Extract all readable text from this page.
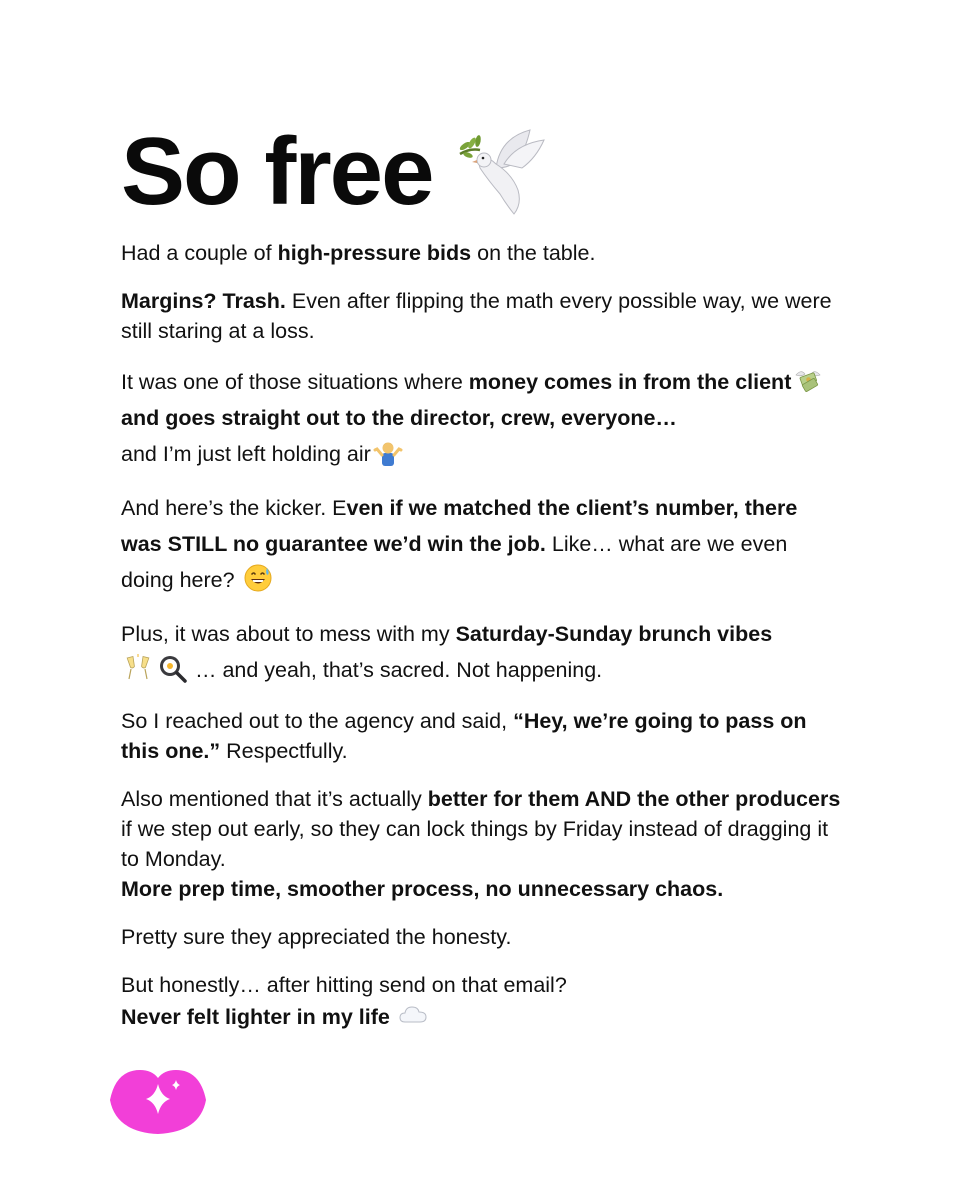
So free

Had a couple of high-pressure bids on the table.

Margins? Trash. Even after flipping the math every possible way, we were still staring at a loss.

It was one of those situations where money comes in from the client and goes straight out to the director, crew, everyone…
and I’m just left holding air

And here’s the kicker. Even if we matched the client’s number, there was STILL no guarantee we’d win the job. Like… what are we even doing here?

Plus, it was about to mess with my Saturday-Sunday brunch vibes
… and yeah, that’s sacred. Not happening.

So I reached out to the agency and said, “Hey, we’re going to pass on this one.” Respectfully.

Also mentioned that it’s actually better for them AND the other producers if we step out early, so they can lock things by Friday instead of dragging it to Monday.
More prep time, smoother process, no unnecessary chaos.

Pretty sure they appreciated the honesty.

But honestly… after hitting send on that email?
Never felt lighter in my life
